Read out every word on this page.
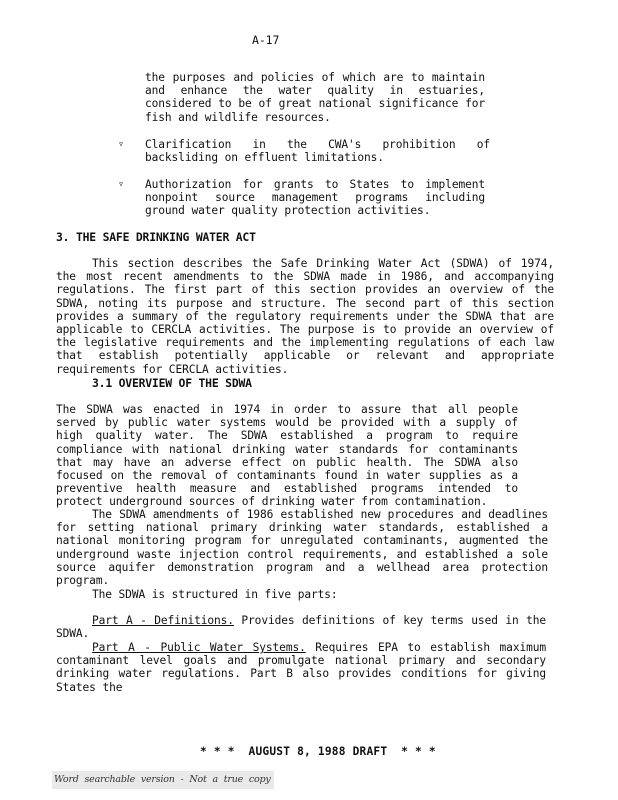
A-17
the purposes and policies of which are to maintain and enhance the water quality in estuaries, considered to be of great national significance for fish and wildlife resources.
▿ Clarification in the CWA's prohibition of backsliding on effluent limitations.
▿ Authorization for grants to States to implement nonpoint source management programs including ground water quality protection activities.
3. THE SAFE DRINKING WATER ACT
This section describes the Safe Drinking Water Act (SDWA) of 1974, the most recent amendments to the SDWA made in 1986, and accompanying regulations. The first part of this section provides an overview of the SDWA, noting its purpose and structure. The second part of this section provides a summary of the regulatory requirements under the SDWA that are applicable to CERCLA activities. The purpose is to provide an overview of the legislative requirements and the implementing regulations of each law that establish potentially applicable or relevant and appropriate requirements for CERCLA activities.
3.1 OVERVIEW OF THE SDWA
The SDWA was enacted in 1974 in order to assure that all people served by public water systems would be provided with a supply of high quality water. The SDWA established a program to require compliance with national drinking water standards for contaminants that may have an adverse effect on public health. The SDWA also focused on the removal of contaminants found in water supplies as a preventive health measure and established programs intended to protect underground sources of drinking water from contamination.
The SDWA amendments of 1986 established new procedures and deadlines for setting national primary drinking water standards, established a national monitoring program for unregulated contaminants, augmented the underground waste injection control requirements, and established a sole source aquifer demonstration program and a wellhead area protection program.
The SDWA is structured in five parts:
Part A - Definitions. Provides definitions of key terms used in the SDWA.
Part A - Public Water Systems. Requires EPA to establish maximum contaminant level goals and promulgate national primary and secondary drinking water regulations. Part B also provides conditions for giving States the
* * *  AUGUST 8, 1988 DRAFT  * * *
Word searchable version - Not a true copy
